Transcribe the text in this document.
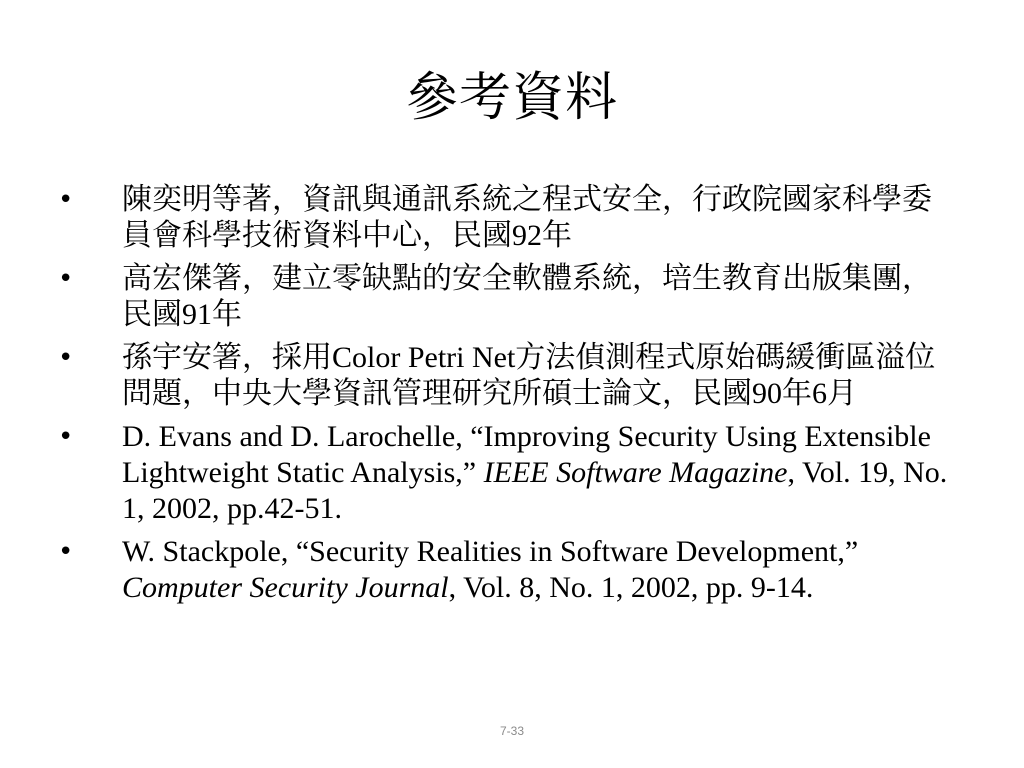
參考資料
•	陳奕明等著，資訊與通訊系統之程式安全，行政院國家科學委員會科學技術資料中心，民國92年
•	高宏傑箸，建立零缺點的安全軟體系統，培生教育出版集團，民國91年
•	孫宇安箸，採用Color Petri Net方法偵測程式原始碼緩衝區溢位問題，中央大學資訊管理研究所碩士論文，民國90年6月
•	D. Evans and D. Larochelle, “Improving Security Using Extensible Lightweight Static Analysis,” IEEE Software Magazine, Vol. 19, No. 1, 2002, pp.42-51.
•	W. Stackpole, “Security Realities in Software Development,” Computer Security Journal, Vol. 8, No. 1, 2002, pp. 9-14.
7-33
